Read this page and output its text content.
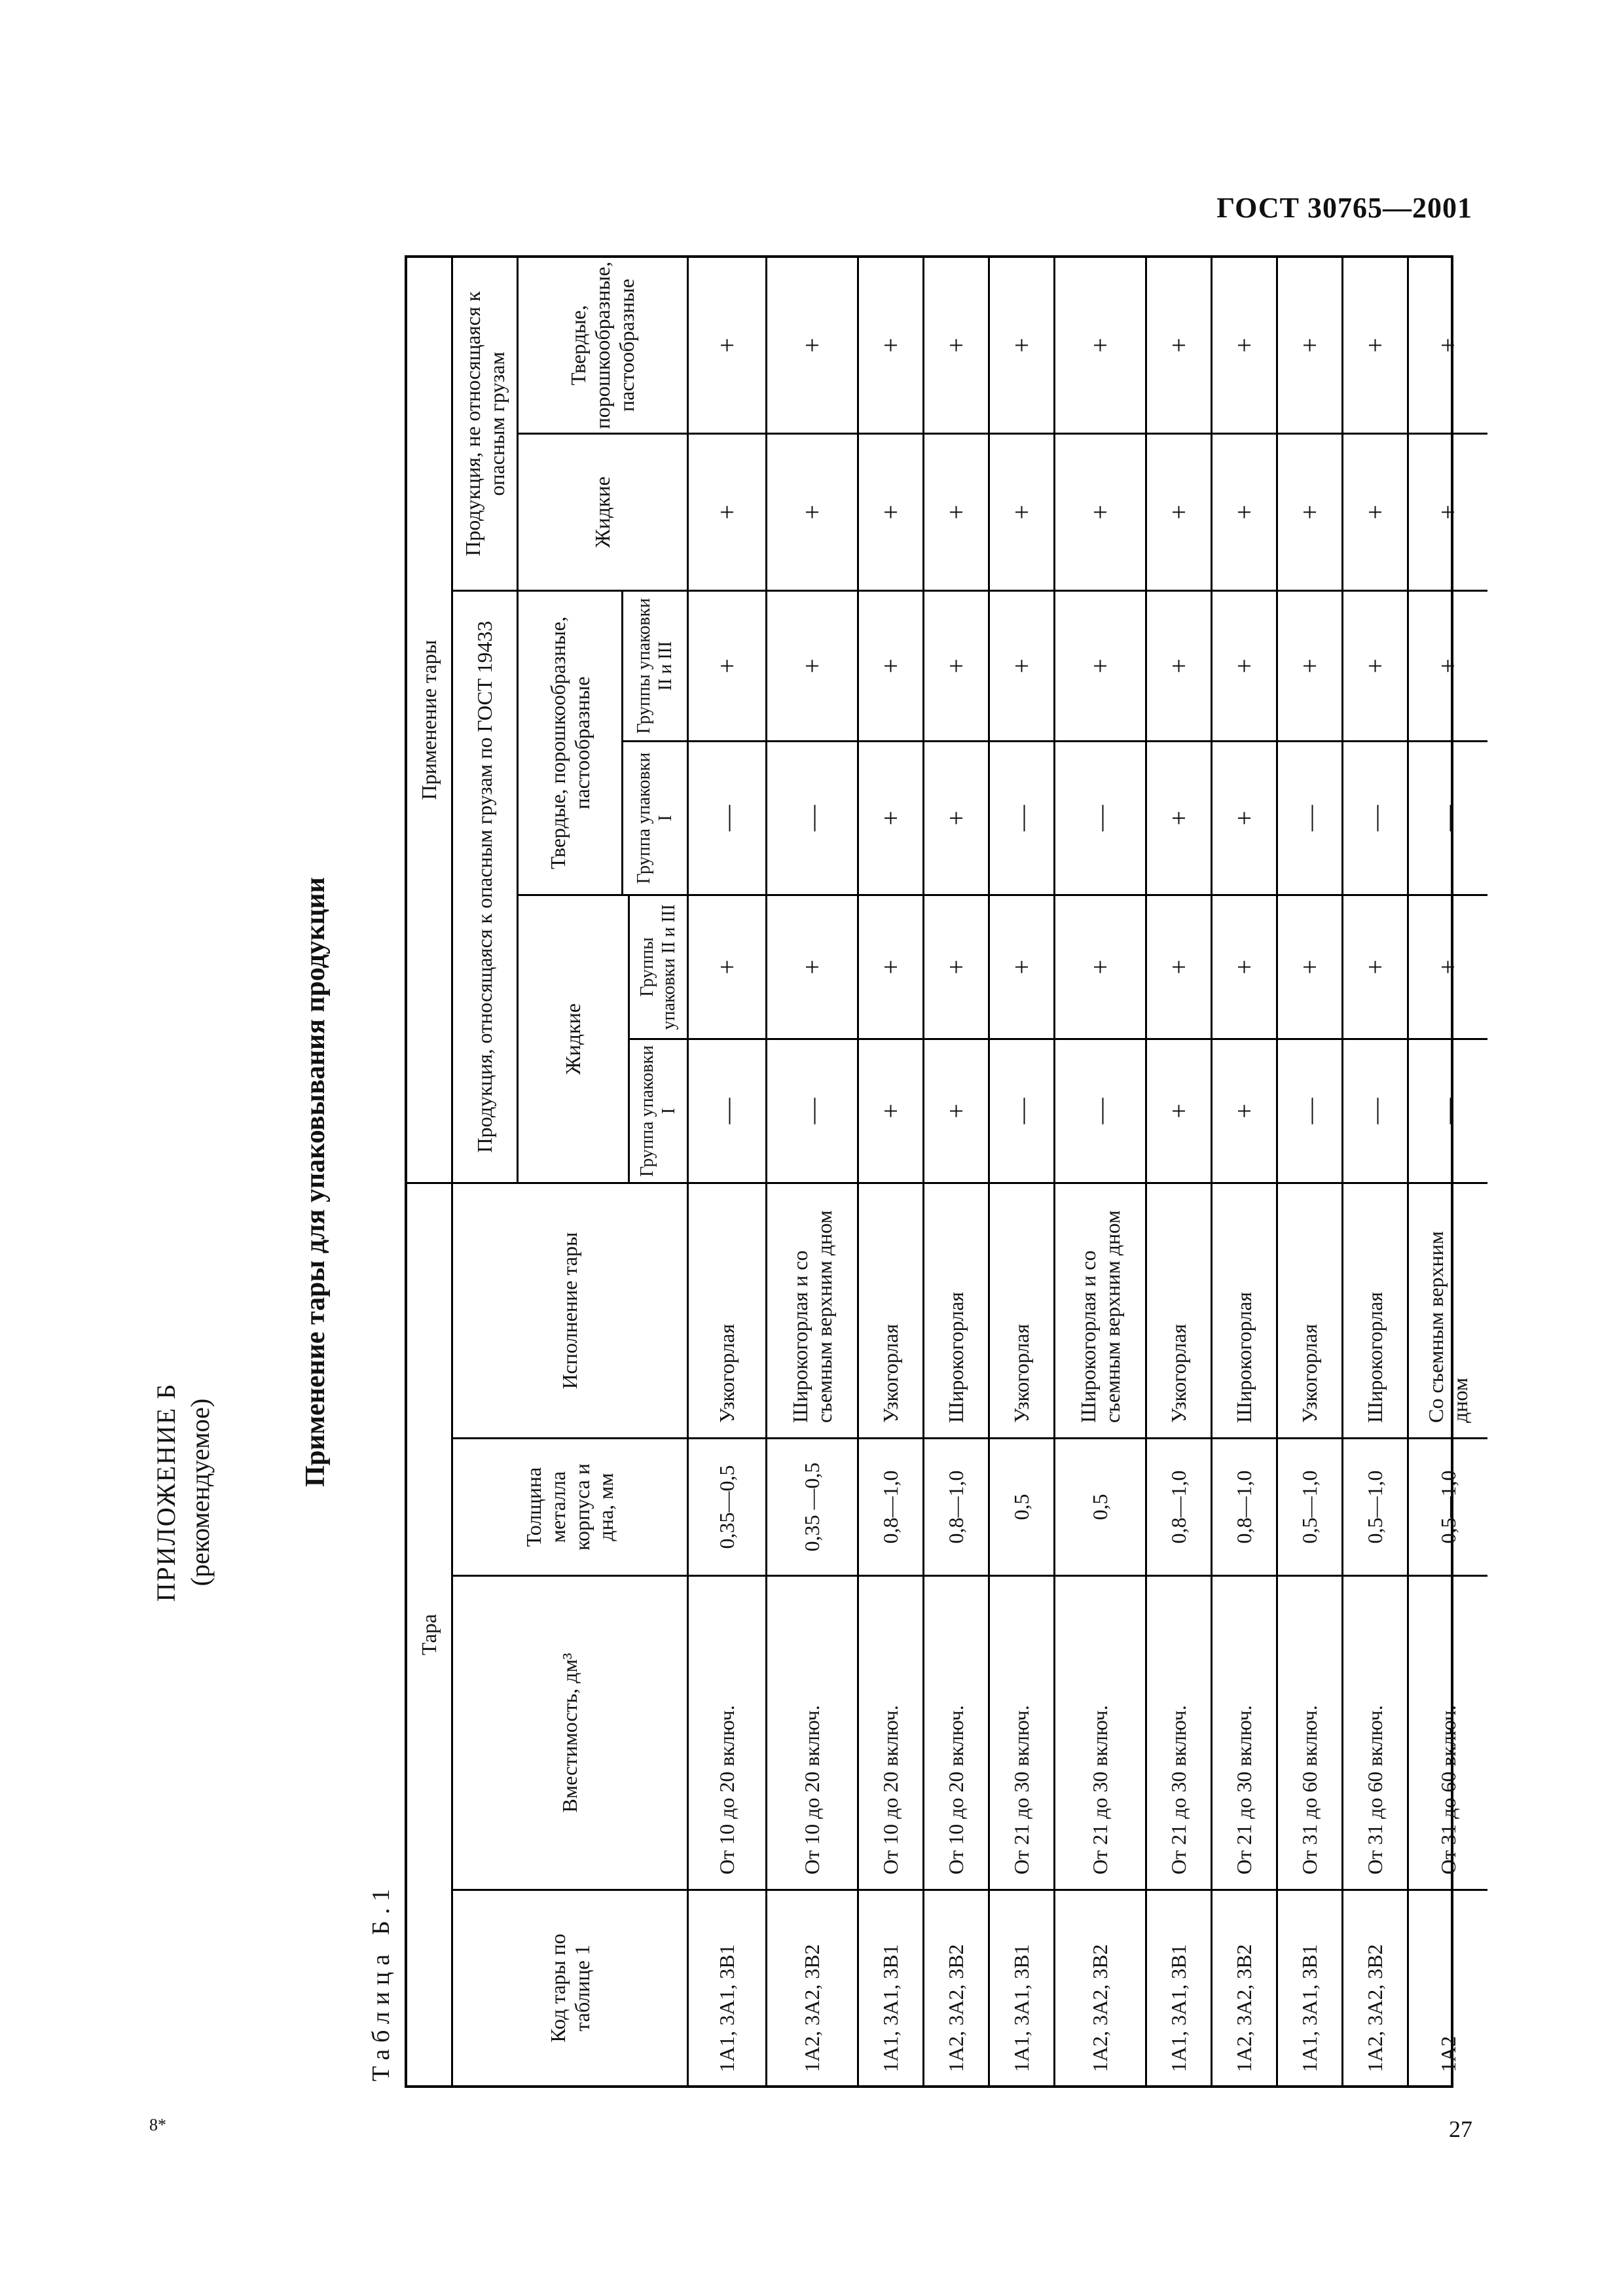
ГОСТ 30765—2001
27
8*
ПРИЛОЖЕНИЕ Б (рекомендуемое)
Применение тары для упаковывания продукции
Таблица Б.1
Тара
Применение тары
Код тары по таблице 1
Вместимость, дм³
Толщина металла корпуса и дна, мм
Исполнение тары
Продукция, относящаяся к опасным грузам по ГОСТ 19433
Продукция, не относящаяся к опасным грузам
Жидкие
Твердые, порошкообразные, пастообразные
Жидкие
Твердые, порошкообразные, пастообразные
Группа упаковки I
Группы упаковки II и III
Группа упаковки I
Группы упаковки II и III
1А1, 3А1, 3В1
От 10 до 20 включ.
0,35—0,5
Узкогорлая
—
+
—
+
+
+
1А2, 3А2, 3В2
От 10 до 20 включ.
0,35 —0,5
Широкогорлая и со съемным верхним дном
—
+
—
+
+
+
1А1, 3А1, 3В1
От 10 до 20 включ.
0,8—1,0
Узкогорлая
+
+
+
+
+
+
1А2, 3А2, 3В2
От 10 до 20 включ.
0,8—1,0
Широкогорлая
+
+
+
+
+
+
1А1, 3А1, 3В1
От 21 до 30 включ.
0,5
Узкогорлая
—
+
—
+
+
+
1А2, 3А2, 3В2
От 21 до 30 включ.
0,5
Широкогорлая и со съемным верхним дном
—
+
—
+
+
+
1А1, 3А1, 3В1
От 21 до 30 включ.
0,8—1,0
Узкогорлая
+
+
+
+
+
+
1А2, 3А2, 3В2
От 21 до 30 включ.
0,8—1,0
Широкогорлая
+
+
+
+
+
+
1А1, 3А1, 3В1
От 31 до 60 включ.
0,5—1,0
Узкогорлая
—
+
—
+
+
+
1А2, 3А2, 3В2
От 31 до 60 включ.
0,5—1,0
Широкогорлая
—
+
—
+
+
+
1А2
От 31 до 60 включ.
0,5—1,0
Со съемным верхним дном
—
+
—
+
+
+
